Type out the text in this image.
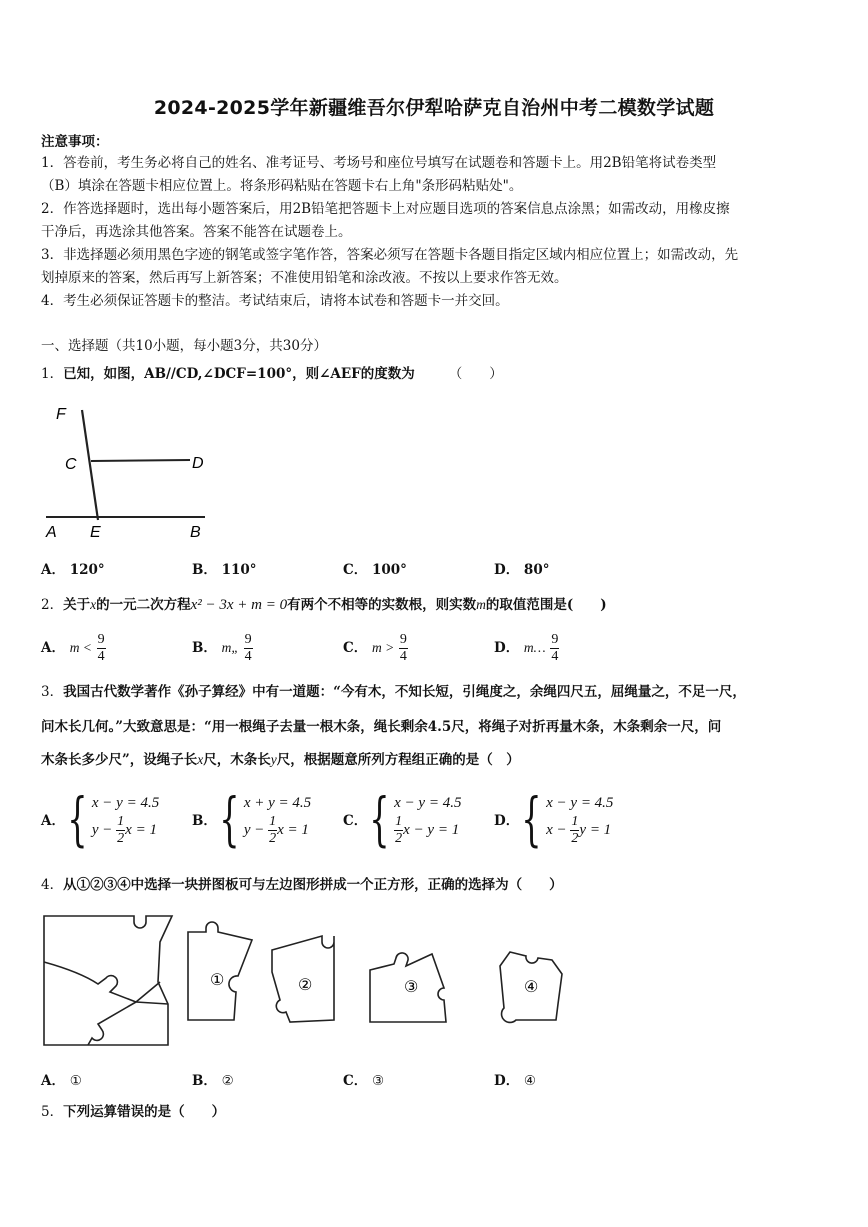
2024-2025学年新疆维吾尔伊犁哈萨克自治州中考二模数学试题
注意事项：
1．答卷前，考生务必将自己的姓名、准考证号、考场号和座位号填写在试题卷和答题卡上。用2B铅笔将试卷类型
（B）填涂在答题卡相应位置上。将条形码粘贴在答题卡右上角"条形码粘贴处"。
2．作答选择题时，选出每小题答案后，用2B铅笔把答题卡上对应题目选项的答案信息点涂黑；如需改动，用橡皮擦
干净后，再选涂其他答案。答案不能答在试题卷上。
3．非选择题必须用黑色字迹的钢笔或签字笔作答，答案必须写在答题卡各题目指定区域内相应位置上；如需改动，先
划掉原来的答案，然后再写上新答案；不准使用铅笔和涂改液。不按以上要求作答无效。
4．考生必须保证答题卡的整洁。考试结束后，请将本试卷和答题卡一并交回。
一、选择题（共10小题，每小题3分，共30分）
1．已知，如图，AB//CD,∠DCF=100°，则∠AEF的度数为	（　　）
F
C	D
A E	B
A． 120°	B． 110°	C． 100°	D． 80°
2．关于x的一元二次方程x² − 3x + m = 0有两个不相等的实数根，则实数m的取值范围是(　　)
A． $m < \frac{9}{4}$	B． m„ $\frac{9}{4}$	C． $m > \frac{9}{4}$	D． m… $\frac{9}{4}$
3．我国古代数学著作《孙子算经》中有一道题：“今有木，不知长短，引绳度之，余绳四尺五，屈绳量之，不足一尺，
问木长几何。”大致意思是：“用一根绳子去量一根木条，绳长剩余4.5尺，将绳子对折再量木条，木条剩余一尺，问
木条长多少尺”，设绳子长x尺，木条长y尺，根据题意所列方程组正确的是（　）
A． { x − y = 4.5
$y - \frac{1}{2}$ x = 1
B． { x + y = 4.5
$y - \frac{1}{2}$ x = 1
C． { x − y = 4.5
$\frac{1}{2}$ x − y = 1
D． { x − y = 4.5
$x - \frac{1}{2}$ y = 1
4．从①②③④中选择一块拼图板可与左边图形拼成一个正方形，正确的选择为（　　）
①	②	③	④
A． ①	B． ②	C． ③	D． ④
5．下列运算错误的是（　　）
